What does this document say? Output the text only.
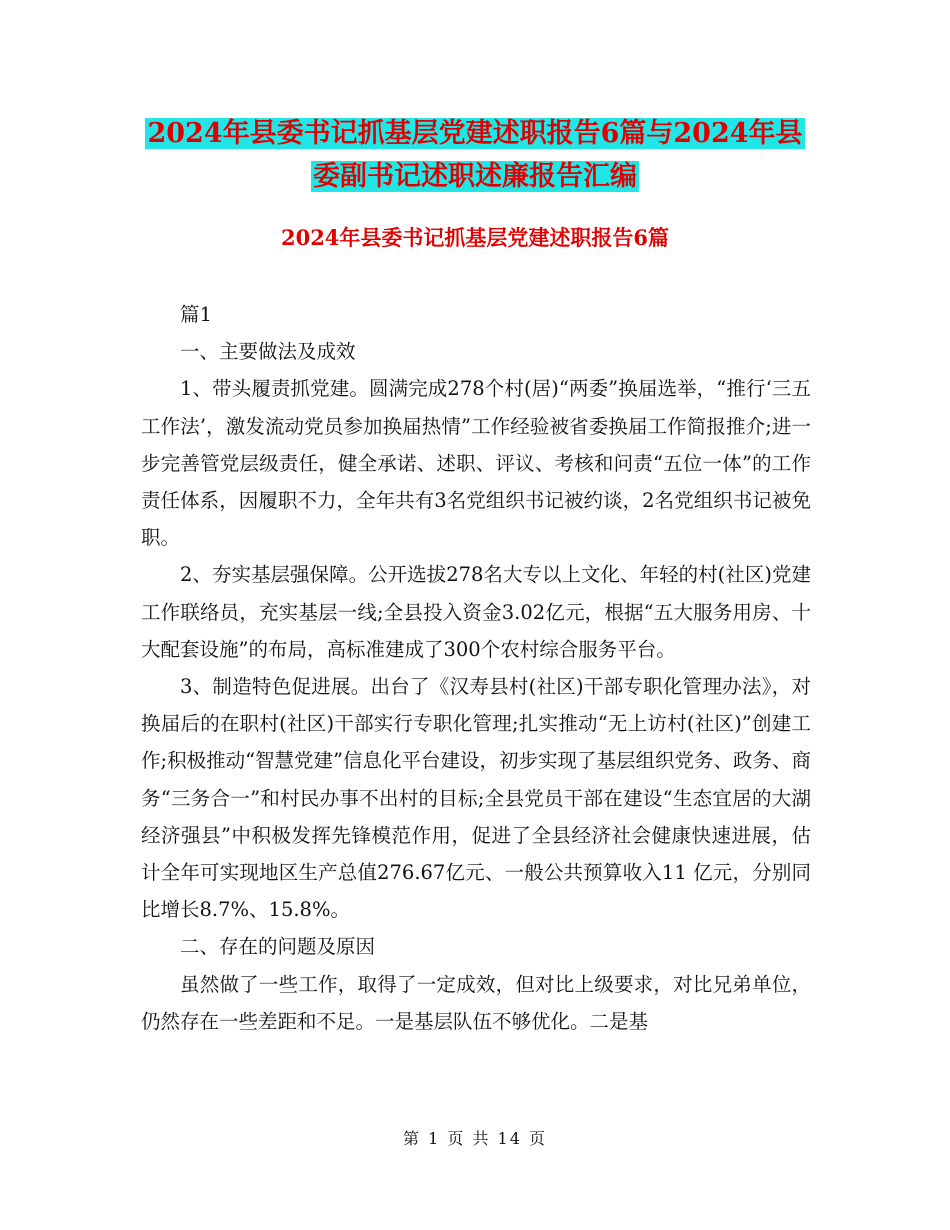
2024年县委书记抓基层党建述职报告6篇与2024年县
委副书记述职述廉报告汇编
2024年县委书记抓基层党建述职报告6篇

篇1

一、主要做法及成效

1、带头履责抓党建。圆满完成278个村(居)“两委”换届选举，“推行‘三五工作法’，激发流动党员参加换届热情”工作经验被省委换届工作简报推介;进一步完善管党层级责任，健全承诺、述职、评议、考核和问责“五位一体”的工作责任体系，因履职不力，全年共有3名党组织书记被约谈，2名党组织书记被免职。

2、夯实基层强保障。公开选拔278名大专以上文化、年轻的村(社区)党建工作联络员，充实基层一线;全县投入资金3.02亿元，根据“五大服务用房、十大配套设施”的布局，高标准建成了300个农村综合服务平台。

3、制造特色促进展。出台了《汉寿县村(社区)干部专职化管理办法》，对换届后的在职村(社区)干部实行专职化管理;扎实推动“无上访村(社区)”创建工作;积极推动“智慧党建”信息化平台建设，初步实现了基层组织党务、政务、商务“三务合一”和村民办事不出村的目标;全县党员干部在建设“生态宜居的大湖经济强县”中积极发挥先锋模范作用，促进了全县经济社会健康快速进展，估计全年可实现地区生产总值276.67亿元、一般公共预算收入11 亿元，分别同比增长8.7%、15.8%。

二、存在的问题及原因

虽然做了一些工作，取得了一定成效，但对比上级要求，对比兄弟单位，仍然存在一些差距和不足。一是基层队伍不够优化。二是基

第 1 页 共 14 页
